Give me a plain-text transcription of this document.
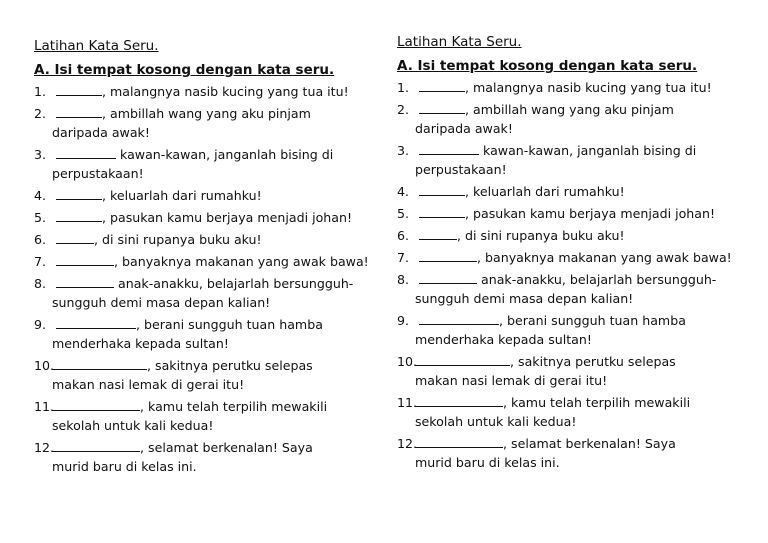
Latihan Kata Seru.
A. Isi tempat kosong dengan kata seru.
1.	, malangnya nasib kucing yang tua itu!
2.	, ambillah wang yang aku pinjam
daripada awak!
3.	kawan-kawan, janganlah bising di
perpustakaan!
4.	, keluarlah dari rumahku!
5.	, pasukan kamu berjaya menjadi johan!
6.	, di sini rupanya buku aku!
7.	, banyaknya makanan yang awak bawa!
8.	anak-anakku, belajarlah bersungguh-
sungguh demi masa depan kalian!
9.	, berani sungguh tuan hamba
menderhaka kepada sultan!
10.	, sakitnya perutku selepas
makan nasi lemak di gerai itu!
11.	, kamu telah terpilih mewakili
sekolah untuk kali kedua!
12.	, selamat berkenalan! Saya
murid baru di kelas ini.
Latihan Kata Seru.
A. Isi tempat kosong dengan kata seru.
1.	, malangnya nasib kucing yang tua itu!
2.	, ambillah wang yang aku pinjam
daripada awak!
3.	kawan-kawan, janganlah bising di
perpustakaan!
4.	, keluarlah dari rumahku!
5.	, pasukan kamu berjaya menjadi johan!
6.	, di sini rupanya buku aku!
7.	, banyaknya makanan yang awak bawa!
8.	anak-anakku, belajarlah bersungguh-
sungguh demi masa depan kalian!
9.	, berani sungguh tuan hamba
menderhaka kepada sultan!
10.	, sakitnya perutku selepas
makan nasi lemak di gerai itu!
11.	, kamu telah terpilih mewakili
sekolah untuk kali kedua!
12.	, selamat berkenalan! Saya
murid baru di kelas ini.
